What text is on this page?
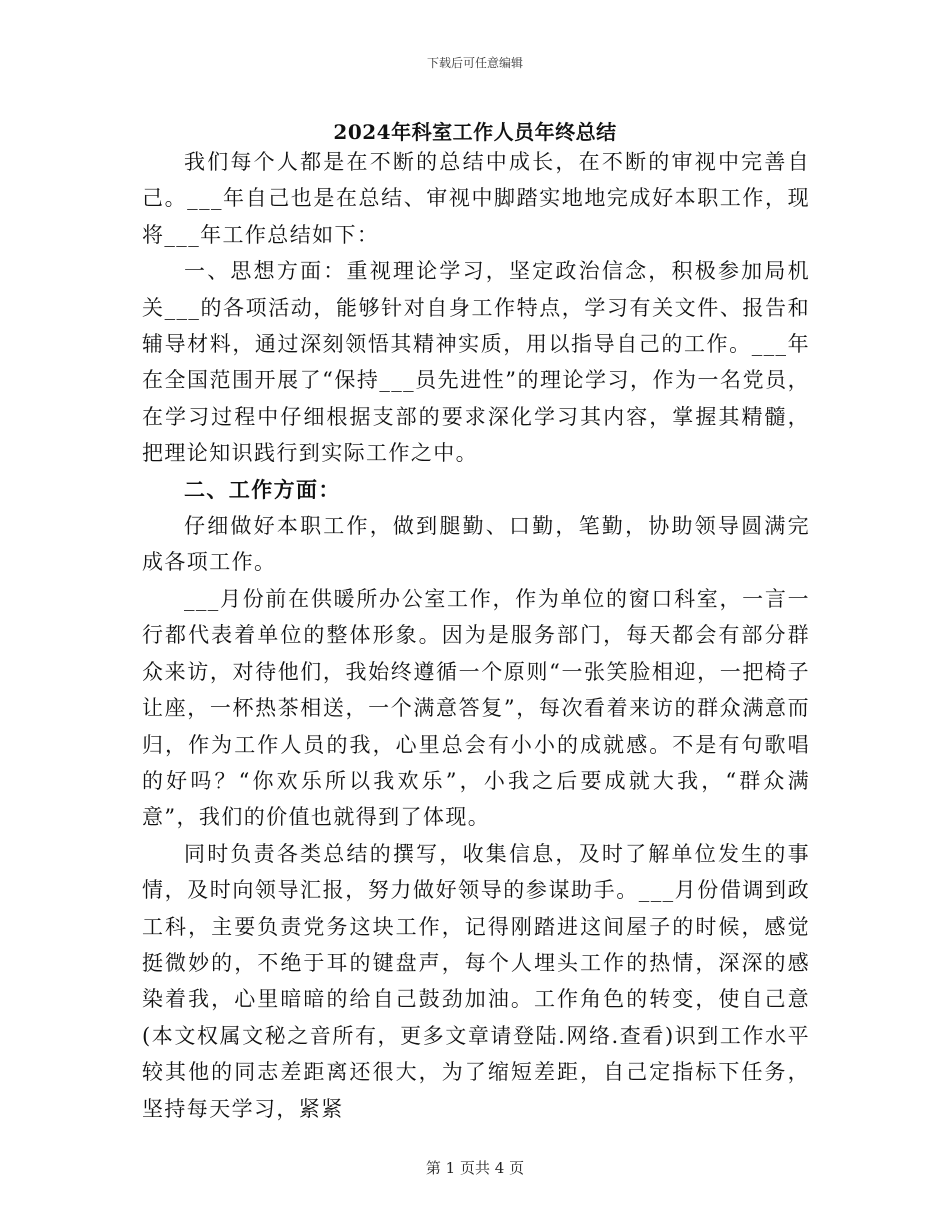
下载后可任意编辑
2024年科室工作人员年终总结

我们每个人都是在不断的总结中成长，在不断的审视中完善自己。___年自己也是在总结、审视中脚踏实地地完成好本职工作，现将___年工作总结如下：

一、思想方面：重视理论学习，坚定政治信念，积极参加局机关___的各项活动，能够针对自身工作特点，学习有关文件、报告和辅导材料，通过深刻领悟其精神实质，用以指导自己的工作。___年在全国范围开展了“保持___员先进性”的理论学习，作为一名党员，在学习过程中仔细根据支部的要求深化学习其内容，掌握其精髓，把理论知识践行到实际工作之中。

二、工作方面：

仔细做好本职工作，做到腿勤、口勤，笔勤，协助领导圆满完成各项工作。

___月份前在供暖所办公室工作，作为单位的窗口科室，一言一行都代表着单位的整体形象。因为是服务部门，每天都会有部分群众来访，对待他们，我始终遵循一个原则“一张笑脸相迎，一把椅子让座，一杯热茶相送，一个满意答复”，每次看着来访的群众满意而归，作为工作人员的我，心里总会有小小的成就感。不是有句歌唱的好吗？“你欢乐所以我欢乐”，小我之后要成就大我，“群众满意”，我们的价值也就得到了体现。

同时负责各类总结的撰写，收集信息，及时了解单位发生的事情，及时向领导汇报，努力做好领导的参谋助手。___月份借调到政工科，主要负责党务这块工作，记得刚踏进这间屋子的时候，感觉挺微妙的，不绝于耳的键盘声，每个人埋头工作的热情，深深的感染着我，心里暗暗的给自己鼓劲加油。工作角色的转变，使自己意(本文权属文秘之音所有，更多文章请登陆.网络.查看)识到工作水平较其他的同志差距离还很大，为了缩短差距，自己定指标下任务，坚持每天学习，紧紧

第 1 页共 4 页
